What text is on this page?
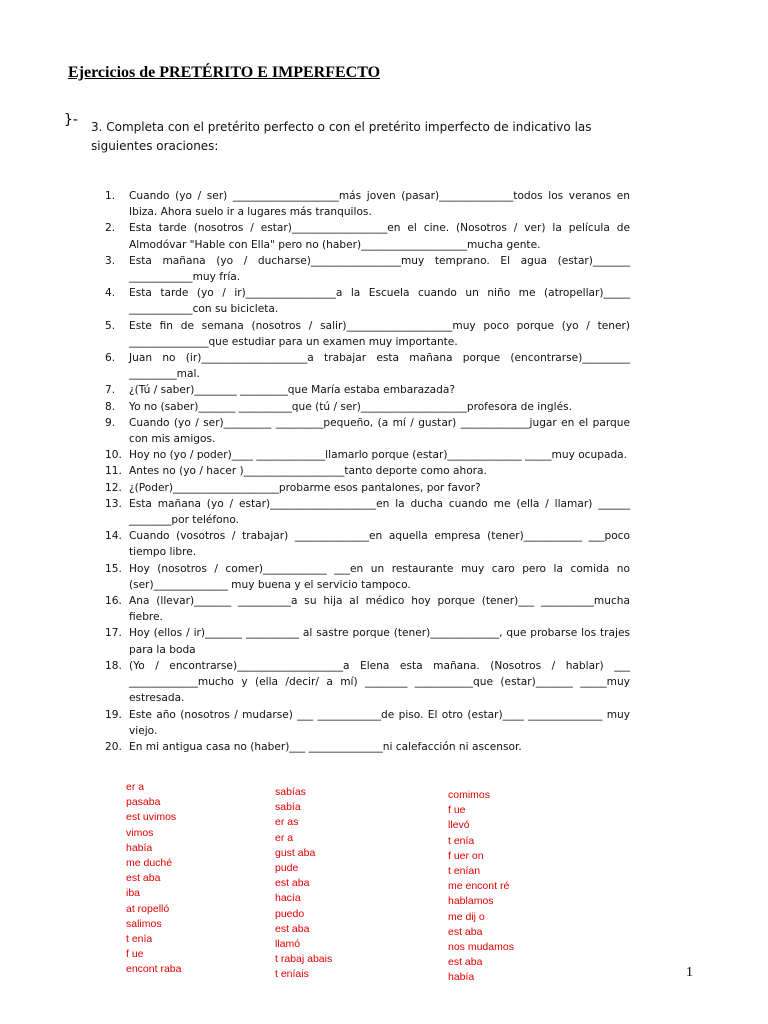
Ejercicios de PRETÉRITO E IMPERFECTO
}- 3. Completa con el pretérito perfecto o con el pretérito imperfecto de indicativo las siguientes oraciones:
1. Cuando (yo / ser) ____________________más joven (pasar)______________todos los veranos en Ibiza. Ahora suelo ir a lugares más tranquilos.
2. Esta tarde (nosotros / estar)__________________en el cine. (Nosotros / ver) la película de Almodóvar "Hable con Ella" pero no (haber)____________________mucha gente.
3. Esta mañana (yo / ducharse)_________________muy temprano. El agua (estar)_______ ____________muy fría.
4. Esta tarde (yo / ir)_________________a la Escuela cuando un niño me (atropellar)_____ ____________con su bicicleta.
5. Este fin de semana (nosotros / salir)____________________muy poco porque (yo / tener) _______________que estudiar para un examen muy importante.
6. Juan no (ir)____________________a trabajar esta mañana porque (encontrarse)_________ _________mal.
7. ¿(Tú / saber)________ _________que María estaba embarazada?
8. Yo no (saber)_______ __________que (tú / ser)____________________profesora de inglés.
9. Cuando (yo / ser)_________ _________pequeño, (a mí / gustar) _____________jugar en el parque con mis amigos.
10. Hoy no (yo / poder)____ _____________llamarlo porque (estar)______________ _____muy ocupada.
11. Antes no (yo / hacer )___________________tanto deporte como ahora.
12. ¿(Poder)____________________probarme esos pantalones, por favor?
13. Esta mañana (yo / estar)____________________en la ducha cuando me (ella / llamar) ______ ________por teléfono.
14. Cuando (vosotros / trabajar) ______________en aquella empresa (tener)___________ ___poco tiempo libre.
15. Hoy (nosotros / comer)____________ ___en un restaurante muy caro pero la comida no (ser)______________ muy buena y el servicio tampoco.
16. Ana (llevar)_______ __________a su hija al médico hoy porque (tener)___ __________mucha fiebre.
17. Hoy (ellos / ir)_______ __________ al sastre porque (tener)_____________, que probarse los trajes para la boda
18. (Yo / encontrarse)____________________a Elena esta mañana. (Nosotros / hablar) ___ _____________mucho y (ella /decir/ a mí) ________ ___________que (estar)_______ _____muy estresada.
19. Este año (nosotros / mudarse) ___ ____________de piso. El otro (estar)____ ______________ muy viejo.
20. En mi antigua casa no (haber)___ ______________ni calefacción ni ascensor.
er a
pasaba
est uvimos
vimos
había
me duché
est aba
iba
at ropelló
salimos
t enía
f ue
encont raba
sabías
sabía
er as
er a
gust aba
pude
est aba
hacía
puedo
est aba
llamó
t rabaj abais
t eníais
comimos
f ue
llevó
t enía
f uer on
t enían
me encont ré
hablamos
me dij o
est aba
nos mudamos
est aba
había	1
